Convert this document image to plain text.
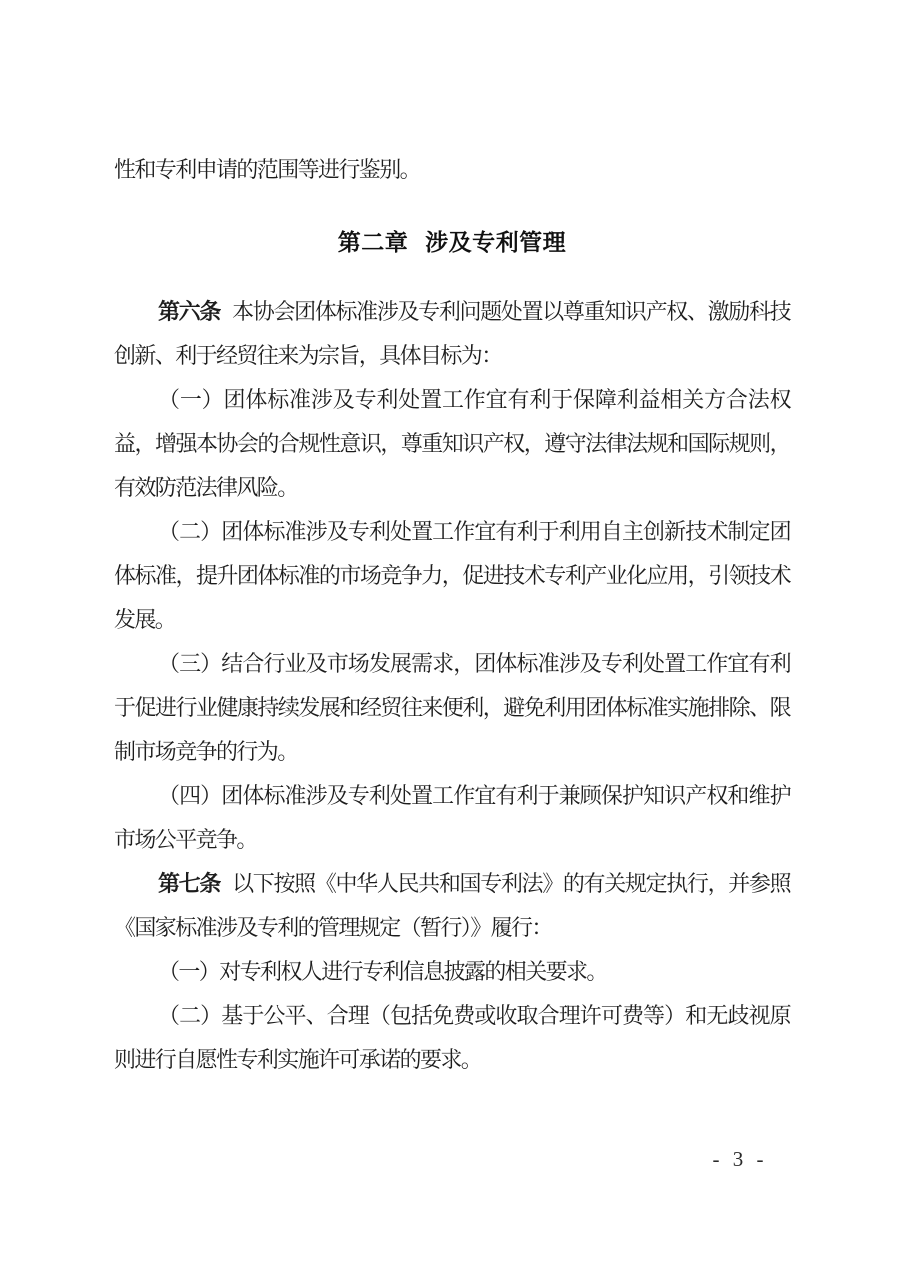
性和专利申请的范围等进行鉴别。

第二章 涉及专利管理

第六条 本协会团体标准涉及专利问题处置以尊重知识产权、激励科技创新、利于经贸往来为宗旨，具体目标为：

（一）团体标准涉及专利处置工作宜有利于保障利益相关方合法权益，增强本协会的合规性意识，尊重知识产权，遵守法律法规和国际规则，有效防范法律风险。

（二）团体标准涉及专利处置工作宜有利于利用自主创新技术制定团体标准，提升团体标准的市场竞争力，促进技术专利产业化应用，引领技术发展。

（三）结合行业及市场发展需求，团体标准涉及专利处置工作宜有利于促进行业健康持续发展和经贸往来便利，避免利用团体标准实施排除、限制市场竞争的行为。

（四）团体标准涉及专利处置工作宜有利于兼顾保护知识产权和维护市场公平竞争。

第七条 以下按照《中华人民共和国专利法》的有关规定执行，并参照《国家标准涉及专利的管理规定（暂行）》履行：

（一）对专利权人进行专利信息披露的相关要求。

（二）基于公平、合理（包括免费或收取合理许可费等）和无歧视原则进行自愿性专利实施许可承诺的要求。

- 3 -
